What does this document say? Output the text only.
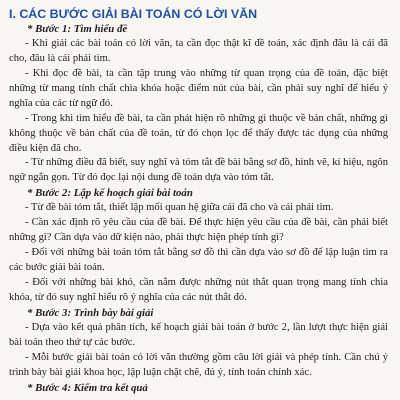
I. CÁC BƯỚC GIẢI BÀI TOÁN CÓ LỜI VĂN
* Bước 1: Tìm hiểu đề

- Khi giải các bài toán có lời văn, ta cần đọc thật kĩ đề toán, xác định đâu là cái đã cho, đâu là cái phải tìm.

- Khi đọc đề bài, ta cần tập trung vào những từ quan trọng của đề toán, đặc biệt những từ mang tính chất chìa khóa hoặc điểm nút của bài, cần phải suy nghĩ để hiểu ý nghĩa của các từ ngữ đó.

- Trong khi tìm hiểu đề bài, ta cần phát hiện rõ những gì thuộc về bản chất, những gì không thuộc về bản chất của đề toán, từ đó chọn lọc để thấy được tác dụng của những điều kiện đã cho.

- Từ những điều đã biết, suy nghĩ và tóm tắt đề bài bằng sơ đồ, hình vẽ, kí hiệu, ngôn ngữ ngắn gọn. Từ đó đọc lại nội dung đề toán dựa vào tóm tắt.

* Bước 2: Lập kế hoạch giải bài toán

- Từ đề bài tóm tắt, thiết lập mối quan hệ giữa cái đã cho và cái phải tìm.

- Cần xác định rõ yêu cầu của đề bài. Để thực hiện yêu cầu của đề bài, cần phải biết những gì? Cần dựa vào dữ kiện nào, phải thực hiện phép tính gì?

- Đối với những bài toán tóm tắt bằng sơ đồ thì cần dựa vào sơ đồ để lập luận tìm ra các bước giải bài toán.

- Đối với những bài khó, cần nắm được những nút thắt quan trọng mang tính chìa khóa, từ đó suy nghĩ hiểu rõ ý nghĩa của các nút thắt đó.

* Bước 3: Trình bày bài giải

- Dựa vào kết quả phân tích, kế hoạch giải bài toán ở bước 2, lần lượt thực hiện giải bài toán theo thứ tự các bước.

- Mỗi bước giải bài toán có lời văn thường gồm câu lời giải và phép tính. Cần chú ý trình bày bài giải khoa học, lập luận chặt chẽ, đủ ý, tính toán chính xác.

* Bước 4: Kiểm tra kết quả
